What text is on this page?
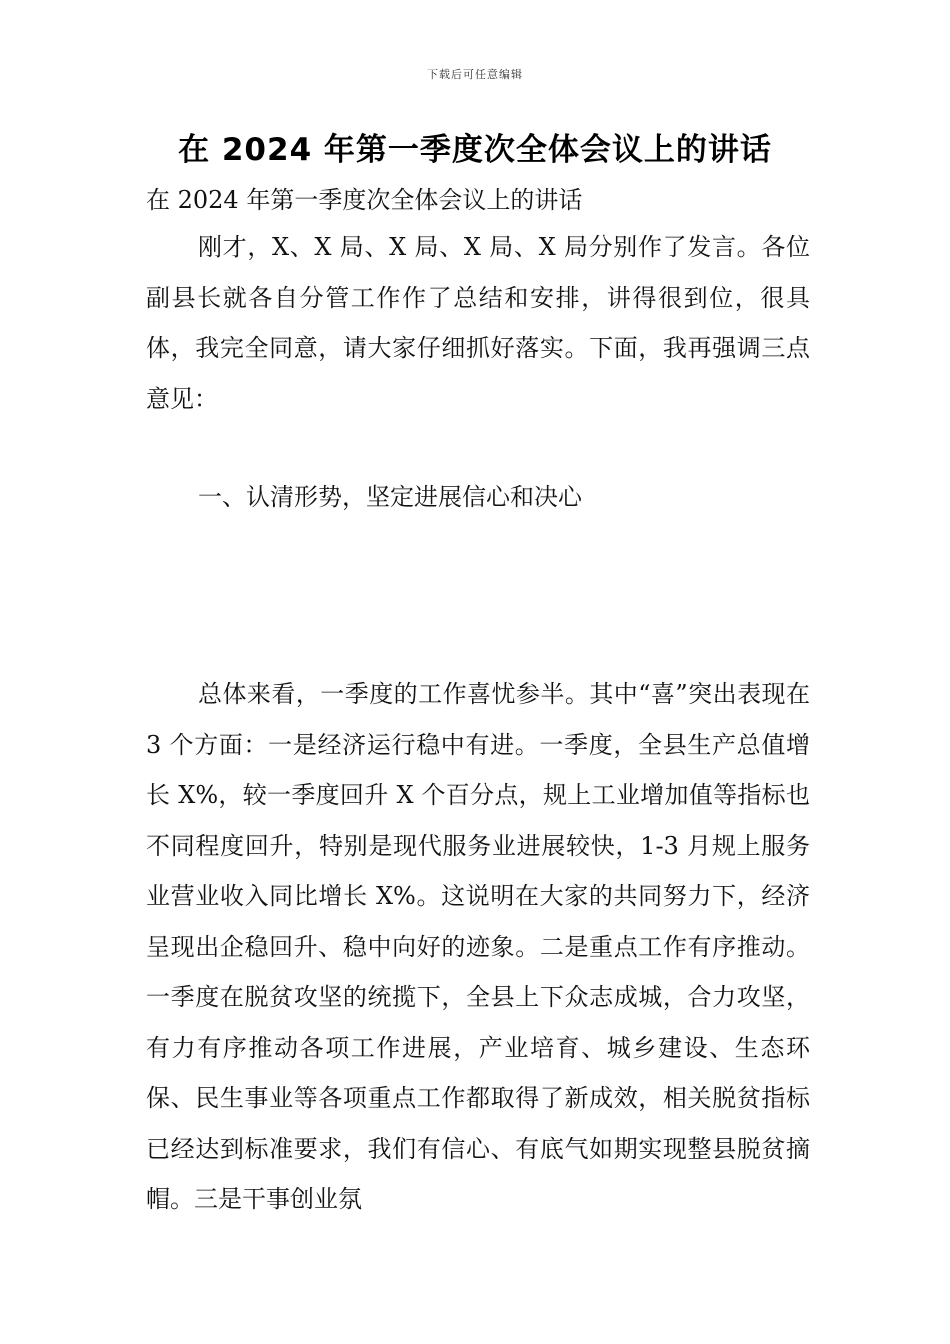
下载后可任意编辑
在 2024 年第一季度次全体会议上的讲话

在 2024 年第一季度次全体会议上的讲话

刚才，X、X 局、X 局、X 局、X 局分别作了发言。各位副县长就各自分管工作作了总结和安排，讲得很到位，很具体，我完全同意，请大家仔细抓好落实。下面，我再强调三点意见：

一、认清形势，坚定进展信心和决心

总体来看，一季度的工作喜忧参半。其中“喜”突出表现在 3 个方面：一是经济运行稳中有进。一季度，全县生产总值增长 X%，较一季度回升 X 个百分点，规上工业增加值等指标也不同程度回升，特别是现代服务业进展较快，1-3 月规上服务业营业收入同比增长 X%。这说明在大家的共同努力下，经济呈现出企稳回升、稳中向好的迹象。二是重点工作有序推动。一季度在脱贫攻坚的统揽下，全县上下众志成城，合力攻坚，有力有序推动各项工作进展，产业培育、城乡建设、生态环保、民生事业等各项重点工作都取得了新成效，相关脱贫指标已经达到标准要求，我们有信心、有底气如期实现整县脱贫摘帽。三是干事创业氛
